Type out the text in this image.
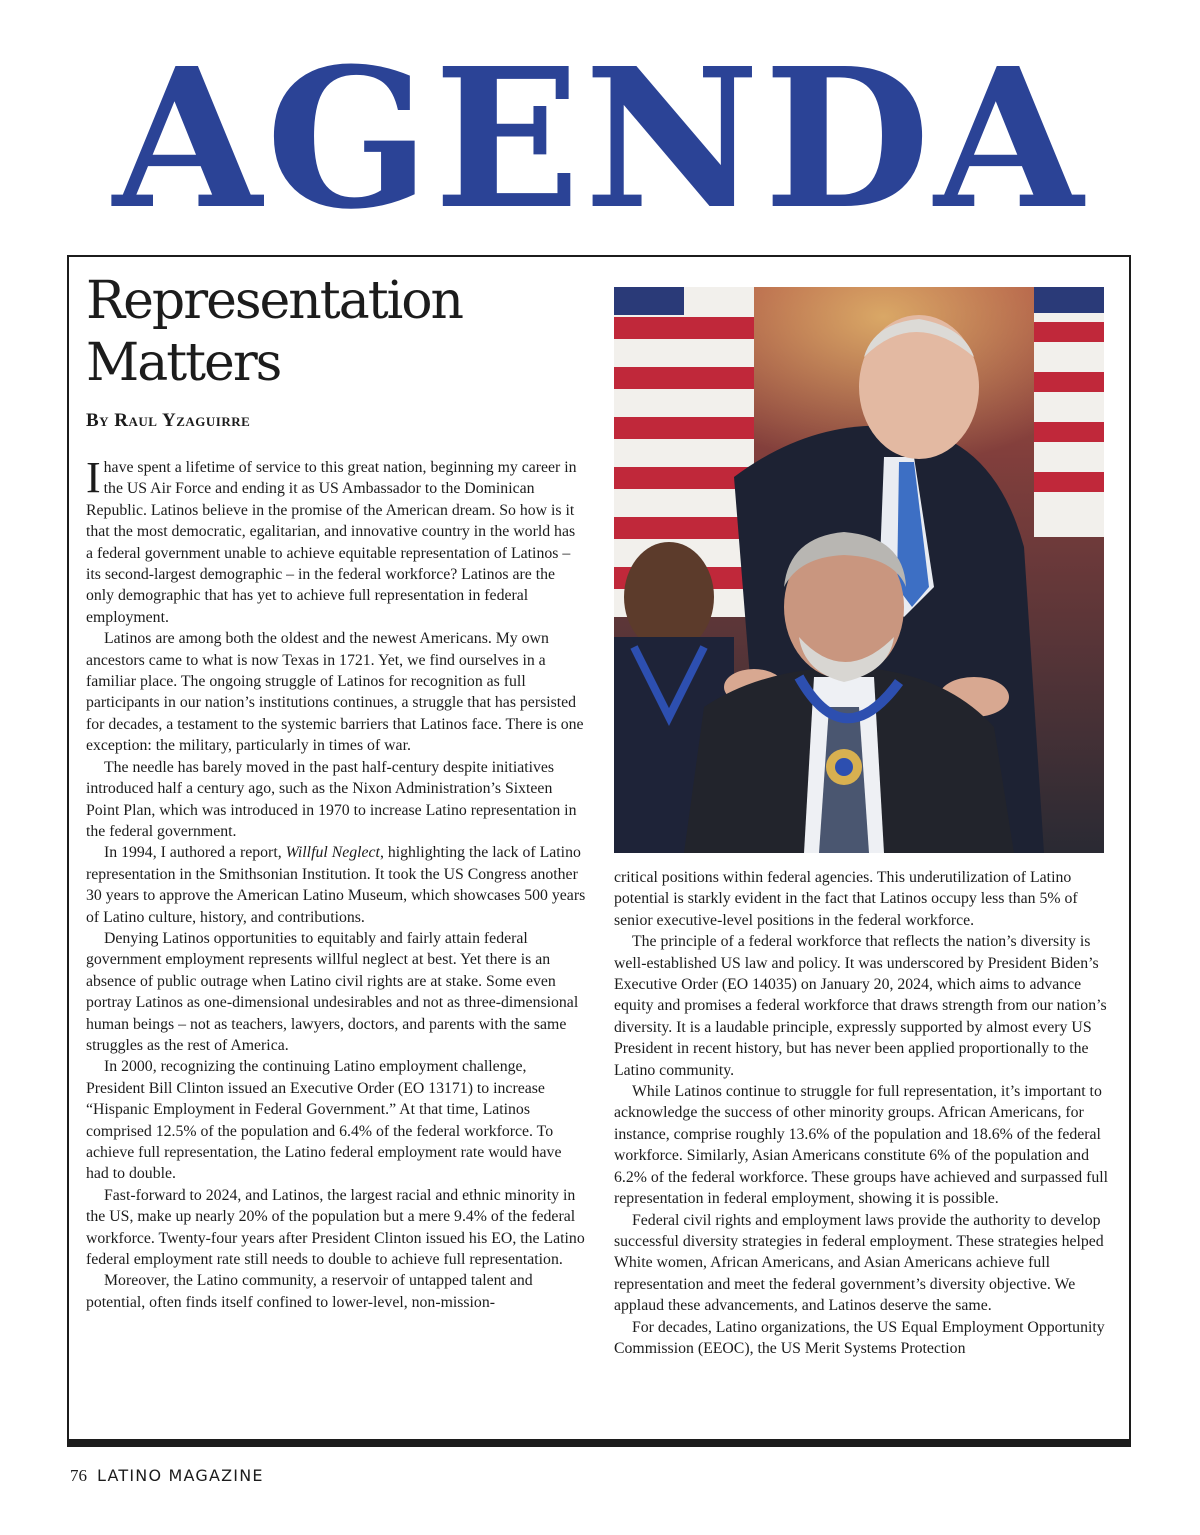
AGENDA
Representation
Matters
By Raul Yzaguirre

Ihave spent a lifetime of service to this great nation, beginning my career in the US Air Force and ending it as US Ambassador to the Dominican Republic. Latinos believe in the promise of the American dream. So how is it that the most democratic, egalitarian, and innovative country in the world has a federal government unable to achieve equitable representation of Latinos – its second-largest demographic – in the federal workforce? Latinos are the only demographic that has yet to achieve full representation in federal employment.

Latinos are among both the oldest and the newest Americans. My own ancestors came to what is now Texas in 1721. Yet, we find ourselves in a familiar place. The ongoing struggle of Latinos for recognition as full participants in our nation’s institutions continues, a struggle that has persisted for decades, a testament to the systemic barriers that Latinos face. There is one exception: the military, particularly in times of war.

The needle has barely moved in the past half-century despite initiatives introduced half a century ago, such as the Nixon Administration’s Sixteen Point Plan, which was introduced in 1970 to increase Latino representation in the federal government.

In 1994, I authored a report, Willful Neglect, highlighting the lack of Latino representation in the Smithsonian Institution. It took the US Congress another 30 years to approve the American Latino Museum, which showcases 500 years of Latino culture, history, and contributions.

Denying Latinos opportunities to equitably and fairly attain federal government employment represents willful neglect at best. Yet there is an absence of public outrage when Latino civil rights are at stake. Some even portray Latinos as one-dimensional undesirables and not as three-dimensional human beings – not as teachers, lawyers, doctors, and parents with the same struggles as the rest of America.

In 2000, recognizing the continuing Latino employment challenge, President Bill Clinton issued an Executive Order (EO 13171) to increase “Hispanic Employment in Federal Government.” At that time, Latinos comprised 12.5% of the population and 6.4% of the federal workforce. To achieve full representation, the Latino federal employment rate would have had to double.

Fast-forward to 2024, and Latinos, the largest racial and ethnic minority in the US, make up nearly 20% of the population but a mere 9.4% of the federal workforce. Twenty-four years after President Clinton issued his EO, the Latino federal employment rate still needs to double to achieve full representation.

Moreover, the Latino community, a reservoir of untapped talent and potential, often finds itself confined to lower-level, non-mission-

critical positions within federal agencies. This underutilization of Latino potential is starkly evident in the fact that Latinos occupy less than 5% of senior executive-level positions in the federal workforce.

The principle of a federal workforce that reflects the nation’s diversity is well-established US law and policy. It was underscored by President Biden’s Executive Order (EO 14035) on January 20, 2024, which aims to advance equity and promises a federal workforce that draws strength from our nation’s diversity. It is a laudable principle, expressly supported by almost every US President in recent history, but has never been applied proportionally to the Latino community.

While Latinos continue to struggle for full representation, it’s important to acknowledge the success of other minority groups. African Americans, for instance, comprise roughly 13.6% of the population and 18.6% of the federal workforce. Similarly, Asian Americans constitute 6% of the population and 6.2% of the federal workforce. These groups have achieved and surpassed full representation in federal employment, showing it is possible.

Federal civil rights and employment laws provide the authority to develop successful diversity strategies in federal employment. These strategies helped White women, African Americans, and Asian Americans achieve full representation and meet the federal government’s diversity objective. We applaud these advancements, and Latinos deserve the same.

For decades, Latino organizations, the US Equal Employment Opportunity Commission (EEOC), the US Merit Systems Protection

76 LATINO MAGAZINE
